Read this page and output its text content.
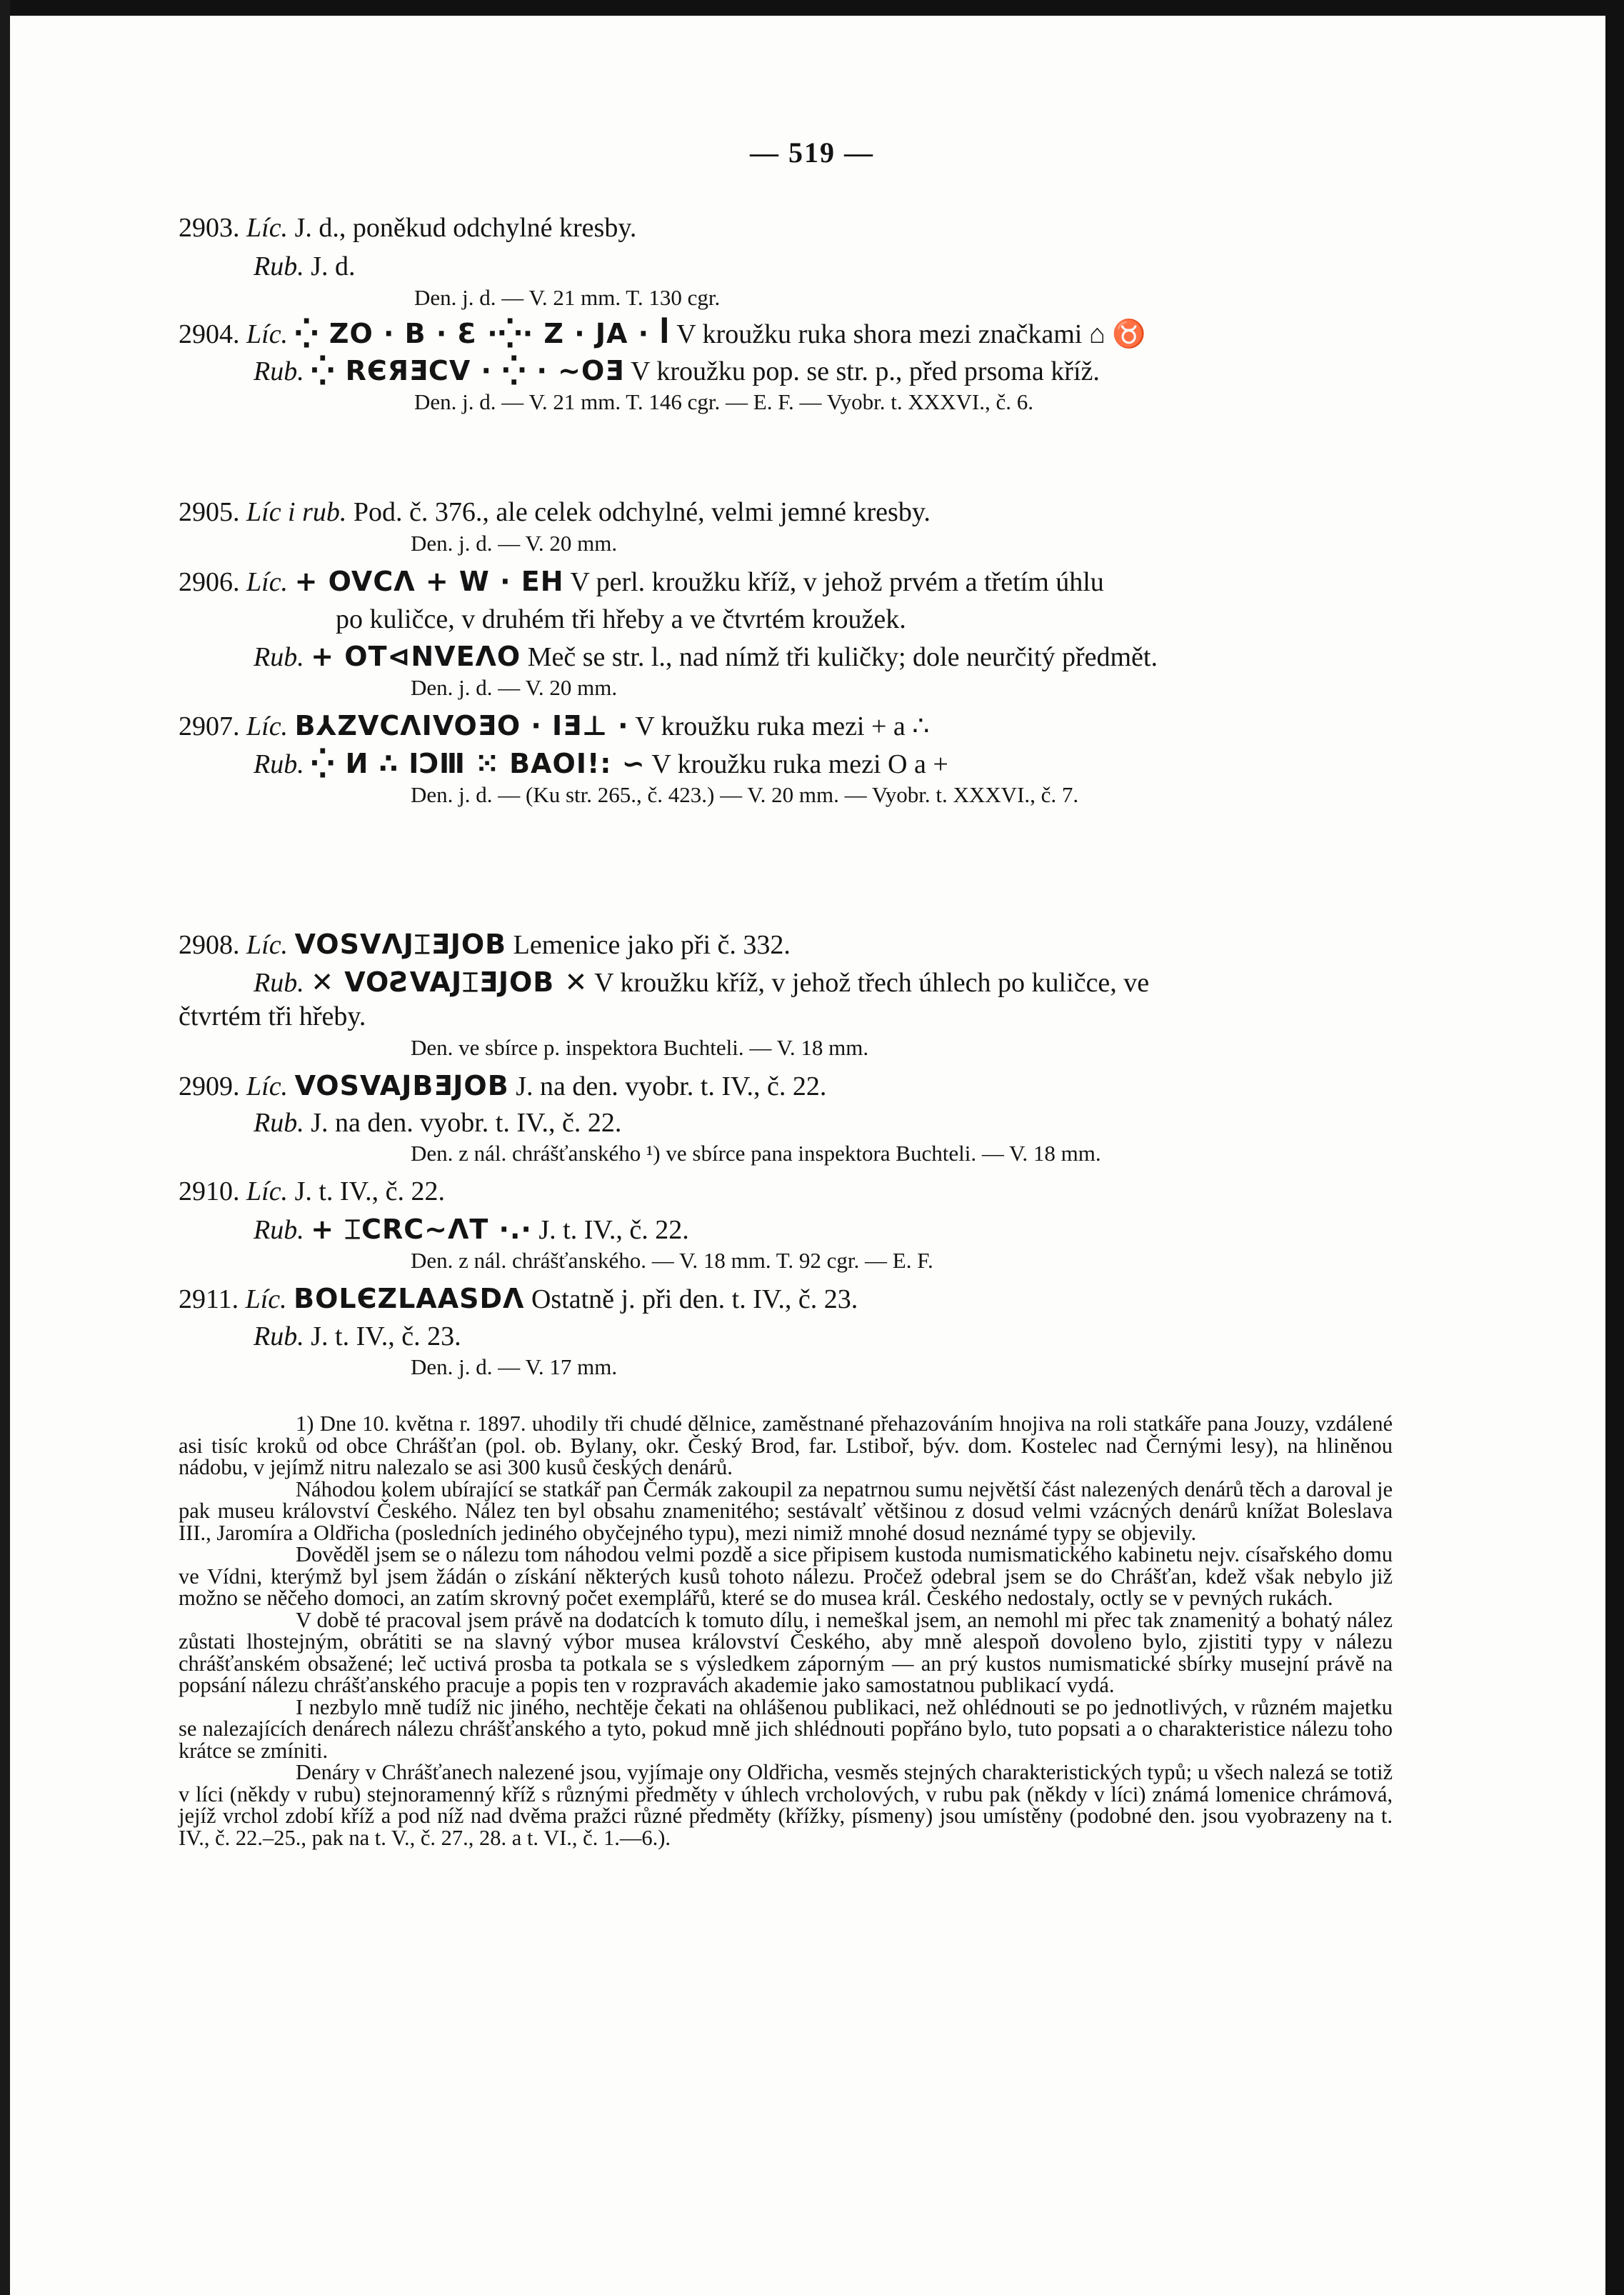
— 519 —
2903. Líc. J. d., poněkud odchylné kresby.
Rub. J. d.
Den. j. d. — V. 21 mm. T. 130 cgr.
2904. Líc. ⁛ ZO · B · Ɛ ·⁛· Z · JA · ꟾ V kroužku ruka shora mezi značkami ⌂ ♉
Rub. ⁛ RЄЯƎCV · ⁛ · ~OƎ V kroužku pop. se str. p., před prsoma kříž.
Den. j. d. — V. 21 mm. T. 146 cgr. — E. F. — Vyobr. t. XXXVI., č. 6.
2905. Líc i rub. Pod. č. 376., ale celek odchylné, velmi jemné kresby.
Den. j. d. — V. 20 mm.
2906. Líc. + OVCΛ + W · EH V perl. kroužku kříž, v jehož prvém a třetím úhlu
po kuličce, v druhém tři hřeby a ve čtvrtém kroužek.
Rub. + OT⊲NVEΛO Meč se str. l., nad nímž tři kuličky; dole neurčitý předmět.
Den. j. d. — V. 20 mm.
2907. Líc. В⅄ZVCΛIVOƎO · IƎ⊥ · V kroužku ruka mezi + a ∴
Rub. ⁛ И ∴ IϽⅢ ⁙ BAOI!: ∽ V kroužku ruka mezi O a +
Den. j. d. — (Ku str. 265., č. 423.) — V. 20 mm. — Vyobr. t. XXXVI., č. 7.
2908. Líc. VOSVΛJ⌶ƎJOB Lemenice jako při č. 332.
Rub. ✕ VOƧVAJ⌶ƎJOB ✕ V kroužku kříž, v jehož třech úhlech po kuličce, ve
čtvrtém tři hřeby.
Den. ve sbírce p. inspektora Buchteli. — V. 18 mm.
2909. Líc. VOSVAJBƎJOB J. na den. vyobr. t. IV., č. 22.
Rub. J. na den. vyobr. t. IV., č. 22.
Den. z nál. chrášťanského ¹) ve sbírce pana inspektora Buchteli. — V. 18 mm.
2910. Líc. J. t. IV., č. 22.
Rub. + ⌶CRC∼ΛT ·.· J. t. IV., č. 22.
Den. z nál. chrášťanského. — V. 18 mm. T. 92 cgr. — E. F.
2911. Líc. BOLЄZLAASDΛ Ostatně j. při den. t. IV., č. 23.
Rub. J. t. IV., č. 23.
Den. j. d. — V. 17 mm.

1) Dne 10. května r. 1897. uhodily tři chudé dělnice, zaměstnané přehazováním hnojiva na roli statkáře pana Jouzy, vzdálené asi tisíc kroků od obce Chrášťan (pol. ob. Bylany, okr. Český Brod, far. Lstiboř, býv. dom. Kostelec nad Černými lesy), na hliněnou nádobu, v jejímž nitru nalezalo se asi 300 kusů českých denárů.

Náhodou kolem ubírající se statkář pan Čermák zakoupil za nepatrnou sumu největší část nalezených denárů těch a daroval je pak museu království Českého. Nález ten byl obsahu znamenitého; sestávalť většinou z dosud velmi vzácných denárů knížat Boleslava III., Jaromíra a Oldřicha (posledních jediného obyčejného typu), mezi nimiž mnohé dosud neznámé typy se objevily.

Dověděl jsem se o nálezu tom náhodou velmi pozdě a sice připisem kustoda numismatického kabinetu nejv. císařského domu ve Vídni, kterýmž byl jsem žádán o získání některých kusů tohoto nálezu. Pročež odebral jsem se do Chrášťan, kdež však nebylo již možno se něčeho domoci, an zatím skrovný počet exemplářů, které se do musea král. Českého nedostaly, octly se v pevných rukách.

V době té pracoval jsem právě na dodatcích k tomuto dílu, i nemeškal jsem, an nemohl mi přec tak znamenitý a bohatý nález zůstati lhostejným, obrátiti se na slavný výbor musea království Českého, aby mně alespoň dovoleno bylo, zjistiti typy v nálezu chrášťanském obsažené; leč uctivá prosba ta potkala se s výsledkem záporným — an prý kustos numismatické sbírky musejní právě na popsání nálezu chrášťanského pracuje a popis ten v rozpravách akademie jako samostatnou publikací vydá.

I nezbylo mně tudíž nic jiného, nechtěje čekati na ohlášenou publikaci, než ohlédnouti se po jednotlivých, v různém majetku se nalezajících denárech nálezu chrášťanského a tyto, pokud mně jich shlédnouti popřáno bylo, tuto popsati a o charakteristice nálezu toho krátce se zmíniti.

Denáry v Chrášťanech nalezené jsou, vyjímaje ony Oldřicha, vesměs stejných charakteristických typů; u všech nalezá se totiž v líci (někdy v rubu) stejnoramenný kříž s různými předměty v úhlech vrcholových, v rubu pak (někdy v líci) známá lomenice chrámová, jejíž vrchol zdobí kříž a pod níž nad dvěma pražci různé předměty (křížky, písmeny) jsou umístěny (podobné den. jsou vyobrazeny na t. IV., č. 22.–25., pak na t. V., č. 27., 28. a t. VI., č. 1.—6.).
